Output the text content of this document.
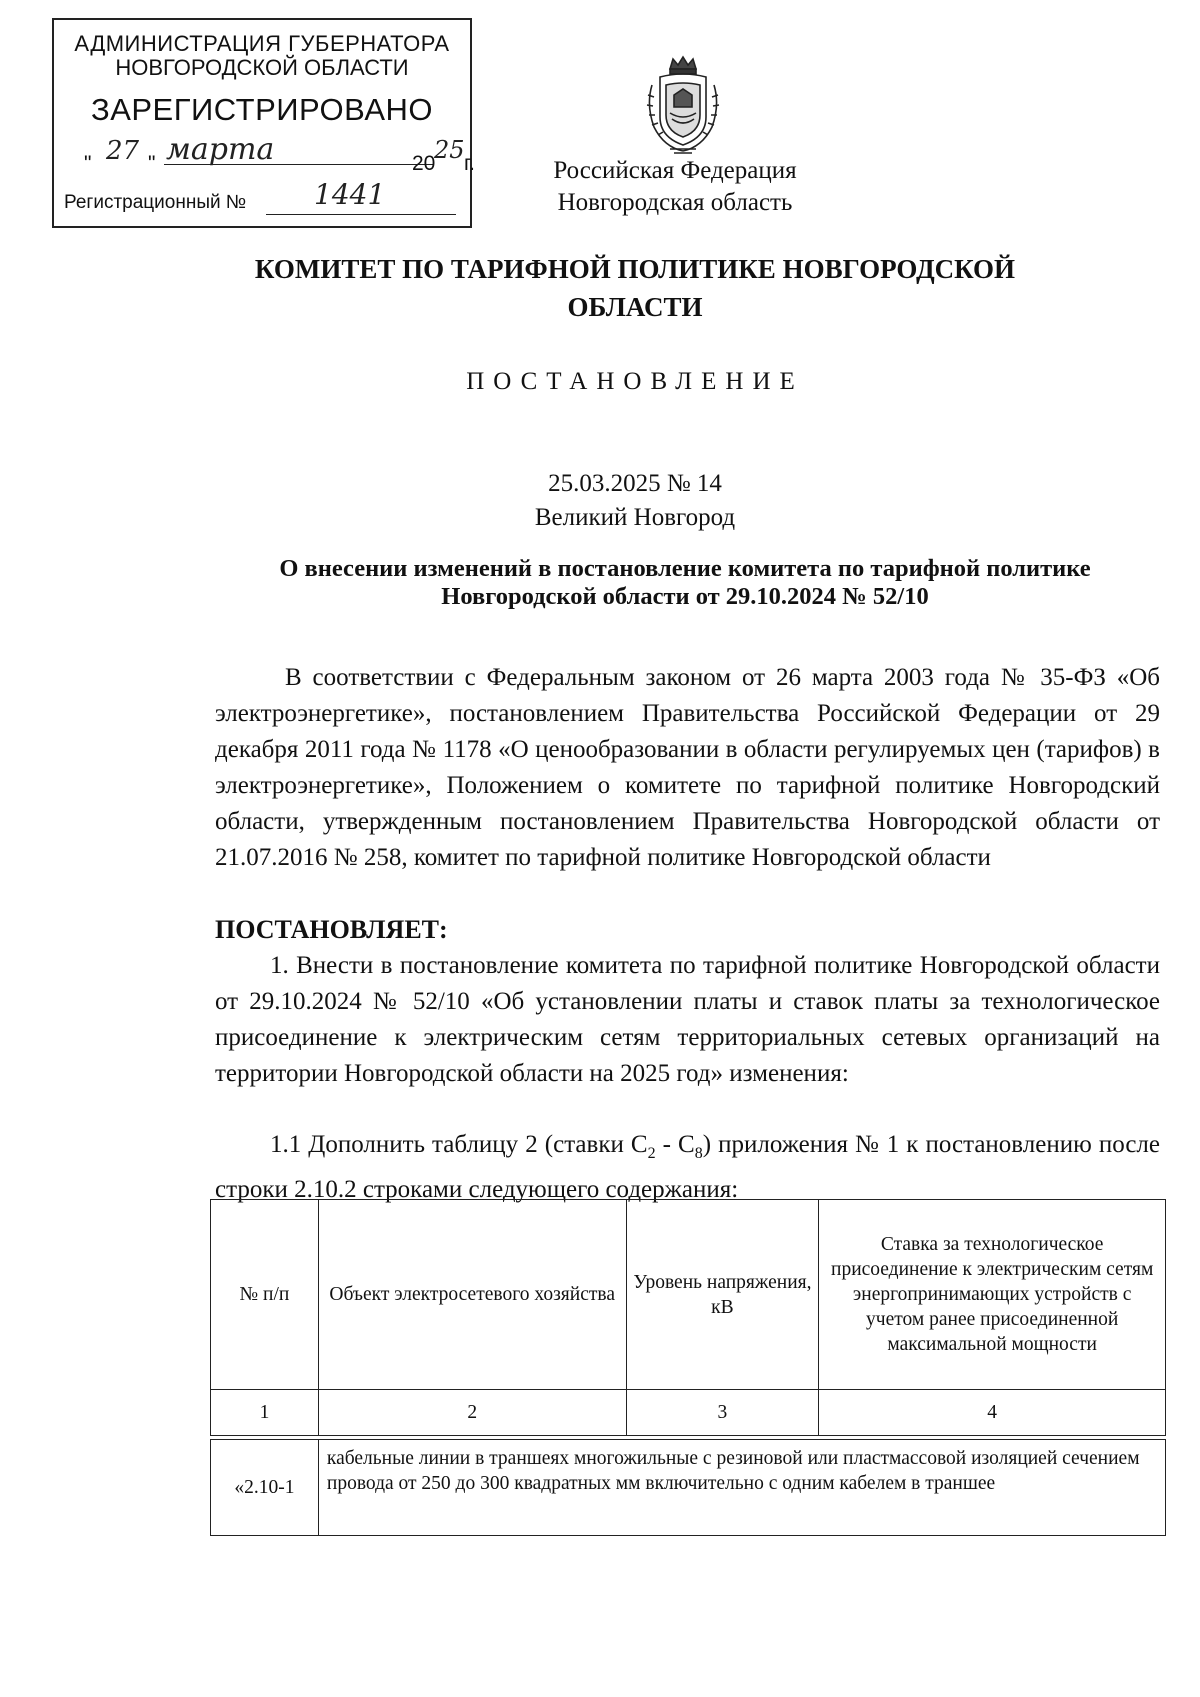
АДМИНИСТРАЦИЯ ГУБЕРНАТОРА
НОВГОРОДСКОЙ ОБЛАСТИ
ЗАРЕГИСТРИРОВАНО
" 27 " марта	20
25 г.
Регистрационный № 1441
Российская Федерация
Новгородская область
КОМИТЕТ ПО ТАРИФНОЙ ПОЛИТИКЕ НОВГОРОДСКОЙ
ОБЛАСТИ
ПОСТАНОВЛЕНИЕ
25.03.2025 № 14
Великий Новгород
О внесении изменений в постановление комитета по тарифной политике
Новгородской области от 29.10.2024 № 52/10
В соответствии с Федеральным законом от 26 марта 2003 года № 35-ФЗ «Об электроэнергетике», постановлением Правительства Российской Федерации от 29 декабря 2011 года № 1178 «О ценообразовании в области регулируемых цен (тарифов) в электроэнергетике», Положением о комитете по тарифной политике Новгородский области, утвержденным постановлением Правительства Новгородской области от 21.07.2016 № 258, комитет по тарифной политике Новгородской области
ПОСТАНОВЛЯЕТ:
1. Внести в постановление комитета по тарифной политике Новгородской области от 29.10.2024 № 52/10 «Об установлении платы и ставок платы за технологическое присоединение к электрическим сетям территориальных сетевых организаций на территории Новгородской области на 2025 год» изменения:
1.1 Дополнить таблицу 2 (ставки $С_2 - С_8$) приложения № 1 к постановлению после строки 2.10.2 строками следующего содержания:
№ п/п	Объект электросетевого хозяйства	Уровень напряжения, кВ	Ставка за технологическое присоединение к электрическим сетям энергопринимающих устройств с учетом ранее присоединенной максимальной мощности
1	2	3	4

«2.10-1	кабельные линии в траншеях многожильные с резиновой или пластмассовой изоляцией сечением провода от 250 до 300 квадратных мм включительно с одним кабелем в траншее		
